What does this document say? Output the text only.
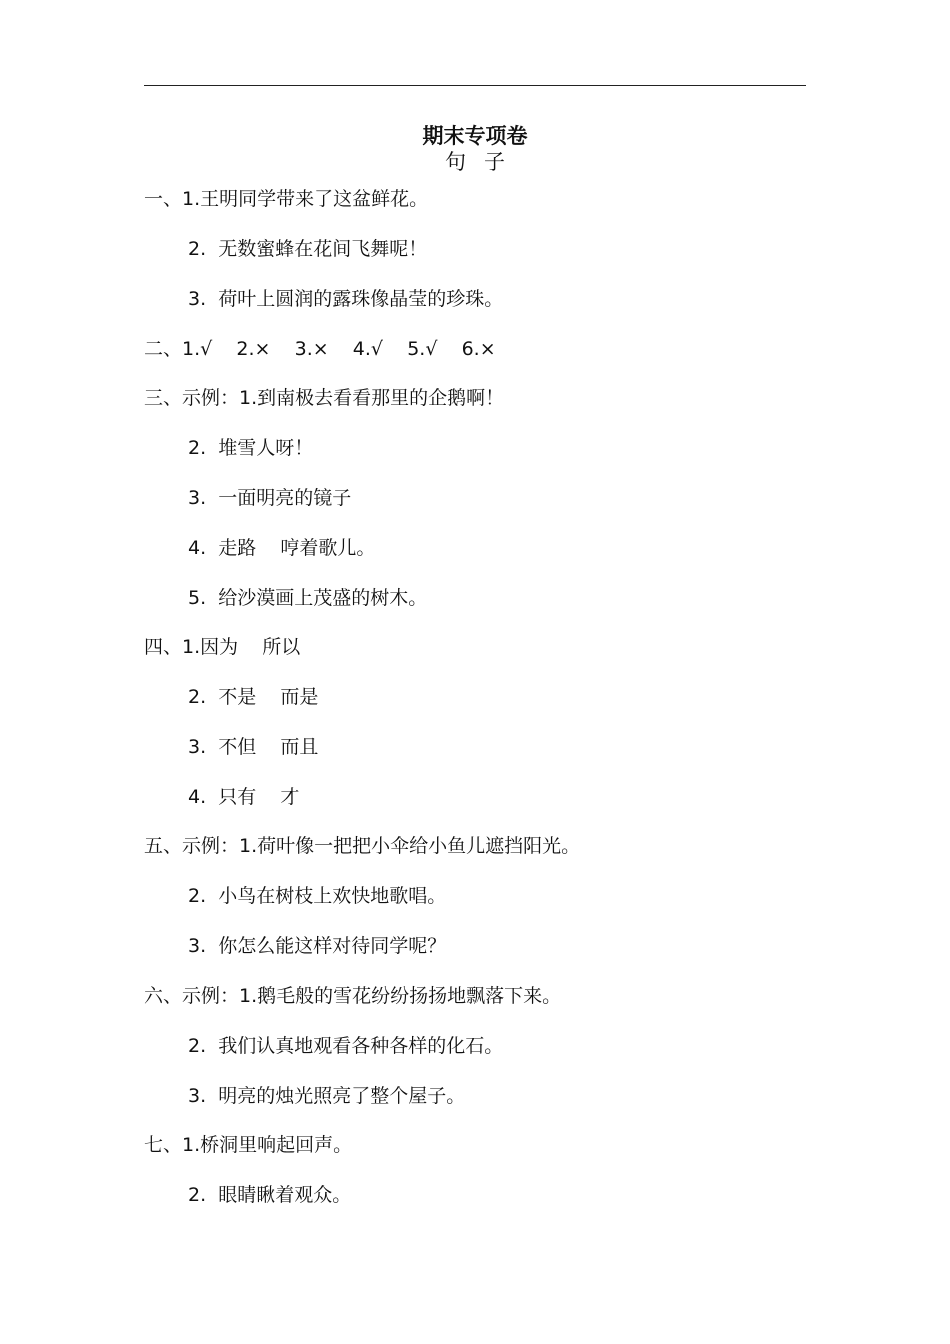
期末专项卷
句子
一、1.王明同学带来了这盆鲜花。
2.  无数蜜蜂在花间飞舞呢！
3.  荷叶上圆润的露珠像晶莹的珍珠。
二、1.√    2.×    3.×    4.√    5.√    6.×
三、示例：1.到南极去看看那里的企鹅啊！
2.  堆雪人呀！
3.  一面明亮的镜子
4.  走路    哼着歌儿。
5.  给沙漠画上茂盛的树木。
四、1.因为    所以
2.  不是    而是
3.  不但    而且
4.  只有    才
五、示例：1.荷叶像一把把小伞给小鱼儿遮挡阳光。
2.  小鸟在树枝上欢快地歌唱。
3.  你怎么能这样对待同学呢？
六、示例：1.鹅毛般的雪花纷纷扬扬地飘落下来。
2.  我们认真地观看各种各样的化石。
3.  明亮的烛光照亮了整个屋子。
七、1.桥洞里响起回声。
2.  眼睛瞅着观众。
